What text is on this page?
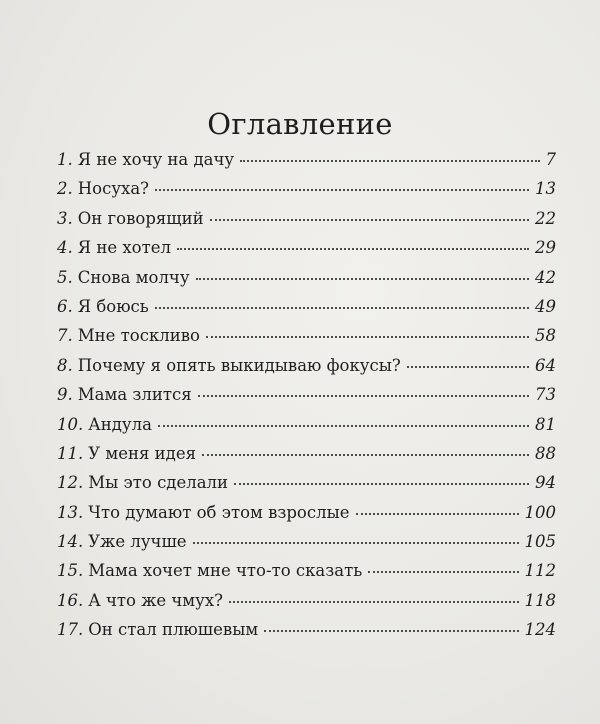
Оглавление
1. Я не хочу на дачу	7
2. Носуха?	13
3. Он говорящий	22
4. Я не хотел	29
5. Снова молчу	42
6. Я боюсь	49
7. Мне тоскливо	58
8. Почему я опять выкидываю фокусы?	64
9. Мама злится	73
10. Андула	81
11. У меня идея	88
12. Мы это сделали	94
13. Что думают об этом взрослые	100
14. Уже лучше	105
15. Мама хочет мне что-то сказать	112
16. А что же чмух?	118
17. Он стал плюшевым	124
